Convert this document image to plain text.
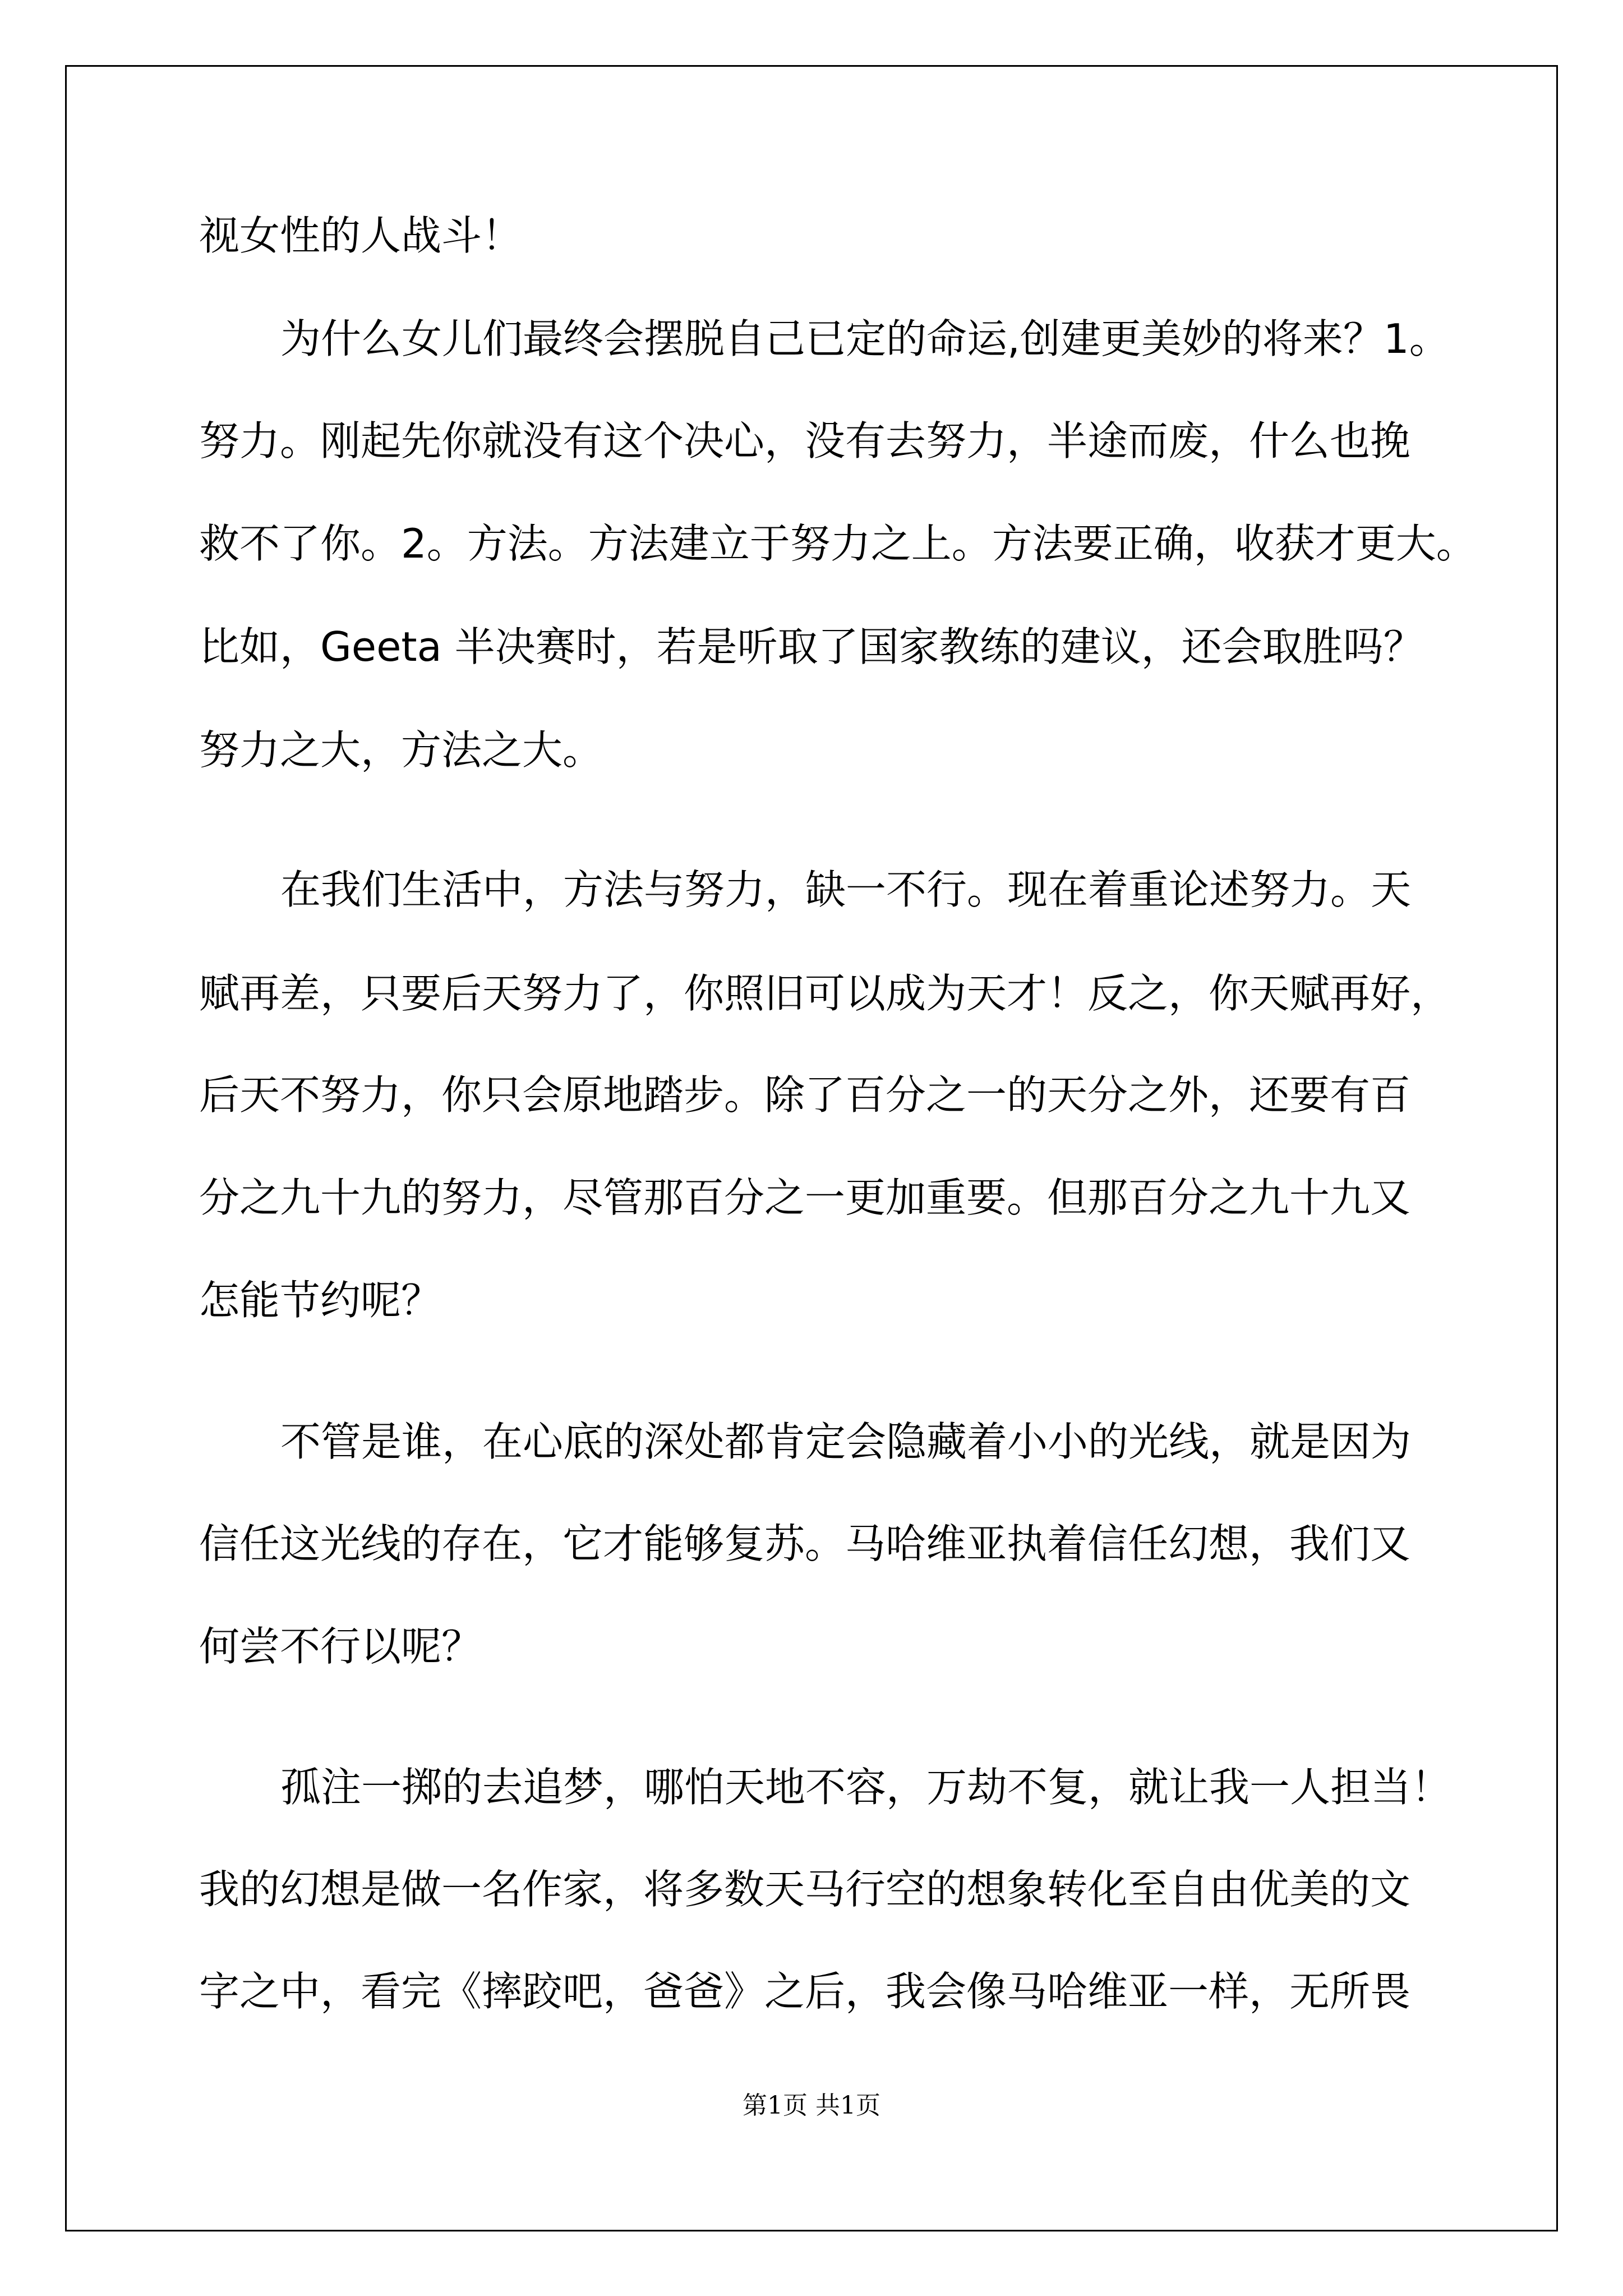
视女性的人战斗！

为什么女儿们最终会摆脱自己已定的命运,创建更美妙的将来？1。

努力。刚起先你就没有这个决心，没有去努力，半途而废，什么也挽

救不了你。2。方法。方法建立于努力之上。方法要正确，收获才更大。

比如，Geeta 半决赛时，若是听取了国家教练的建议，还会取胜吗？

努力之大，方法之大。

在我们生活中，方法与努力，缺一不行。现在着重论述努力。天

赋再差，只要后天努力了，你照旧可以成为天才！反之，你天赋再好，

后天不努力，你只会原地踏步。除了百分之一的天分之外，还要有百

分之九十九的努力，尽管那百分之一更加重要。但那百分之九十九又

怎能节约呢？

不管是谁，在心底的深处都肯定会隐藏着小小的光线，就是因为

信任这光线的存在，它才能够复苏。马哈维亚执着信任幻想，我们又

何尝不行以呢？

孤注一掷的去追梦，哪怕天地不容，万劫不复，就让我一人担当！

我的幻想是做一名作家，将多数天马行空的想象转化至自由优美的文

字之中，看完《摔跤吧，爸爸》之后，我会像马哈维亚一样，无所畏

第1页 共1页
